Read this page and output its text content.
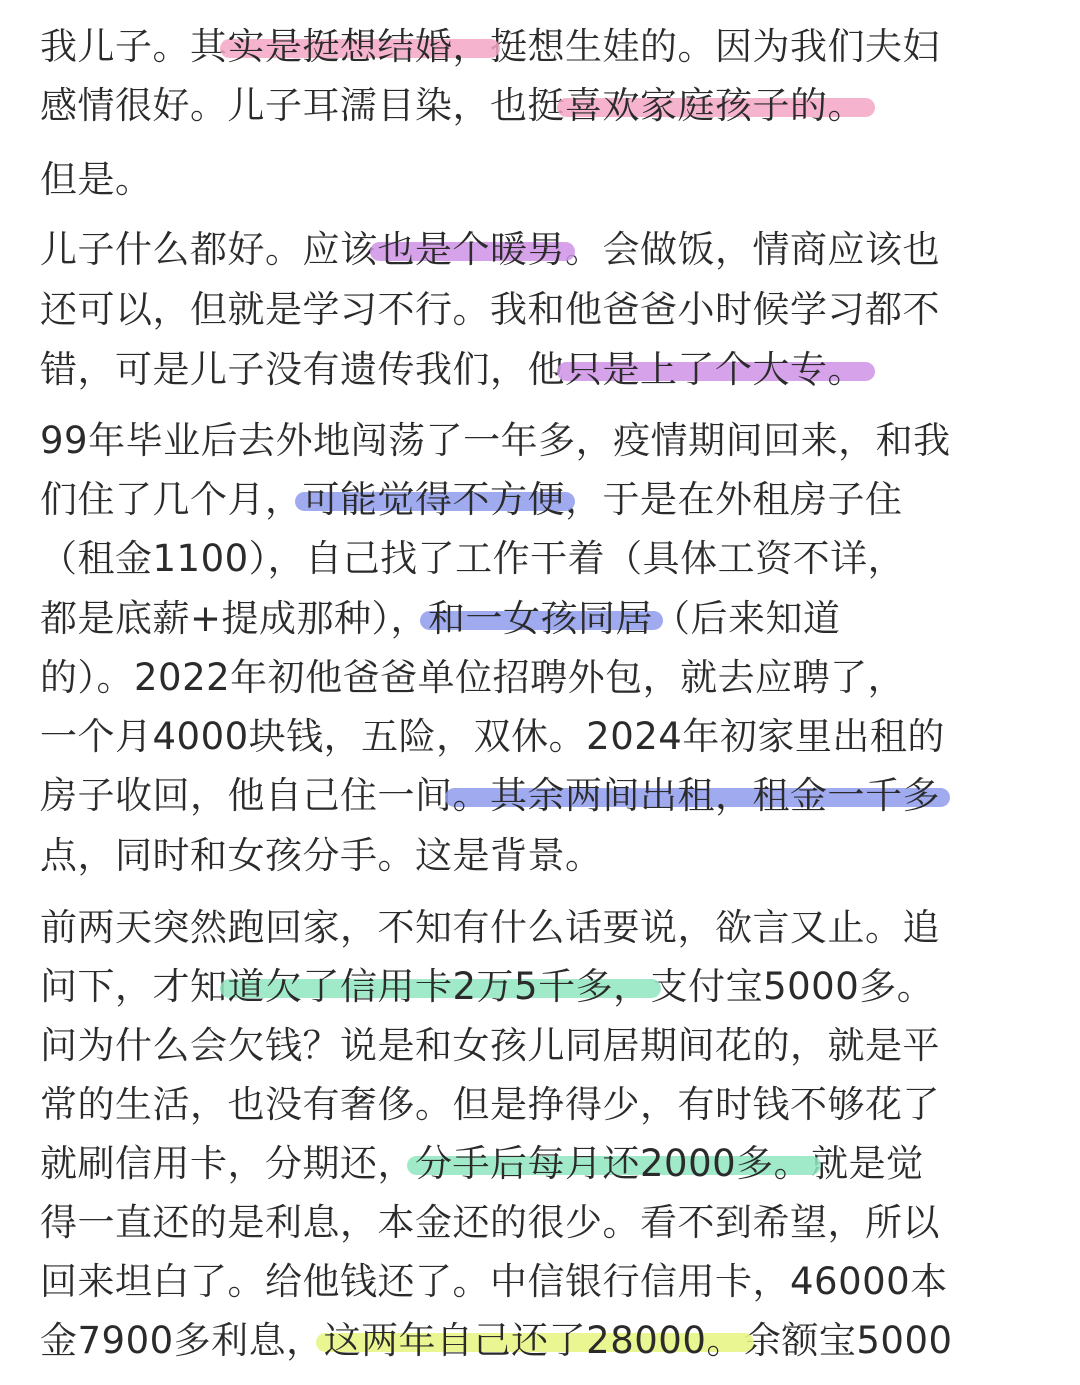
我儿子。其实是挺想结婚，挺想生娃的。因为我们夫妇
感情很好。儿子耳濡目染，也挺喜欢家庭孩子的。
但是。
儿子什么都好。应该也是个暖男。会做饭，情商应该也
还可以，但就是学习不行。我和他爸爸小时候学习都不
错，可是儿子没有遗传我们，他只是上了个大专。
99年毕业后去外地闯荡了一年多，疫情期间回来，和我
们住了几个月，可能觉得不方便，于是在外租房子住
（租金1100），自己找了工作干着（具体工资不详，
都是底薪+提成那种），和一女孩同居（后来知道
的）。2022年初他爸爸单位招聘外包，就去应聘了，
一个月4000块钱，五险，双休。2024年初家里出租的
房子收回，他自己住一间。其余两间出租，租金一千多
点，同时和女孩分手。这是背景。
前两天突然跑回家，不知有什么话要说，欲言又止。追
问下，才知道欠了信用卡2万5千多，支付宝5000多。
问为什么会欠钱？说是和女孩儿同居期间花的，就是平
常的生活，也没有奢侈。但是挣得少，有时钱不够花了
就刷信用卡，分期还，分手后每月还2000多。就是觉
得一直还的是利息，本金还的很少。看不到希望，所以
回来坦白了。给他钱还了。中信银行信用卡，46000本
金7900多利息，这两年自己还了28000。余额宝5000
